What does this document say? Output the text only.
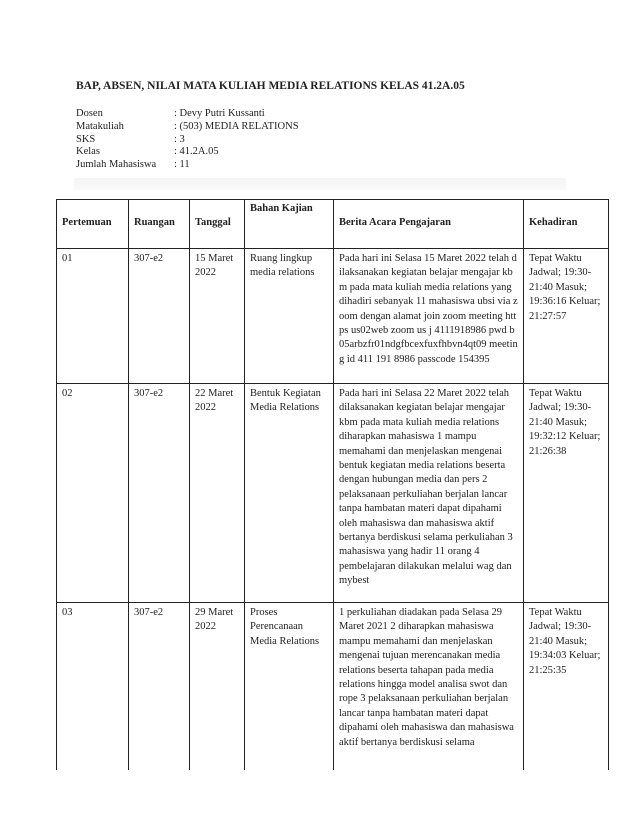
BAP, ABSEN, NILAI MATA KULIAH MEDIA RELATIONS KELAS 41.2A.05
Dosen	: Devy Putri Kussanti
Matakuliah	: (503) MEDIA RELATIONS
SKS	: 3
Kelas	: 41.2A.05
Jumlah Mahasiswa	: 11
Pertemuan	Ruangan	Tanggal	Bahan Kajian	Berita Acara Pengajaran	Kehadiran

01	307-e2	15 Maret 2022	Ruang lingkup media relations	Pada hari ini Selasa 15 Maret 2022 telah dilaksanakan kegiatan belajar mengajar kbm pada mata kuliah media relations yang dihadiri sebanyak 11 mahasiswa ubsi via zoom dengan alamat join zoom meeting https us02web zoom us j 4111918986 pwd b05arbzfr01ndgfbcexfuxfhbvn4qt09 meeting id 411 191 8986 passcode 154395	Tepat Waktu Jadwal; 19:30-21:40 Masuk; 19:36:16 Keluar; 21:27:57
02	307-e2	22 Maret 2022	Bentuk Kegiatan Media Relations	Pada hari ini Selasa 22 Maret 2022 telah dilaksanakan kegiatan belajar mengajar kbm pada mata kuliah media relations diharapkan mahasiswa 1 mampu memahami dan menjelaskan mengenai bentuk kegiatan media relations beserta dengan hubungan media dan pers 2 pelaksanaan perkuliahan berjalan lancar tanpa hambatan materi dapat dipahami oleh mahasiswa dan mahasiswa aktif bertanya berdiskusi selama perkuliahan 3 mahasiswa yang hadir 11 orang 4 pembelajaran dilakukan melalui wag dan mybest	Tepat Waktu Jadwal; 19:30-21:40 Masuk; 19:32:12 Keluar; 21:26:38
03	307-e2	29 Maret 2022	Proses Perencanaan Media Relations	1 perkuliahan diadakan pada Selasa 29 Maret 2021 2 diharapkan mahasiswa mampu memahami dan menjelaskan mengenai tujuan merencanakan media relations beserta tahapan pada media relations hingga model analisa swot dan rope 3 pelaksanaan perkuliahan berjalan lancar tanpa hambatan materi dapat dipahami oleh mahasiswa dan mahasiswa aktif bertanya berdiskusi selama	Tepat Waktu Jadwal; 19:30-21:40 Masuk; 19:34:03 Keluar; 21:25:35
